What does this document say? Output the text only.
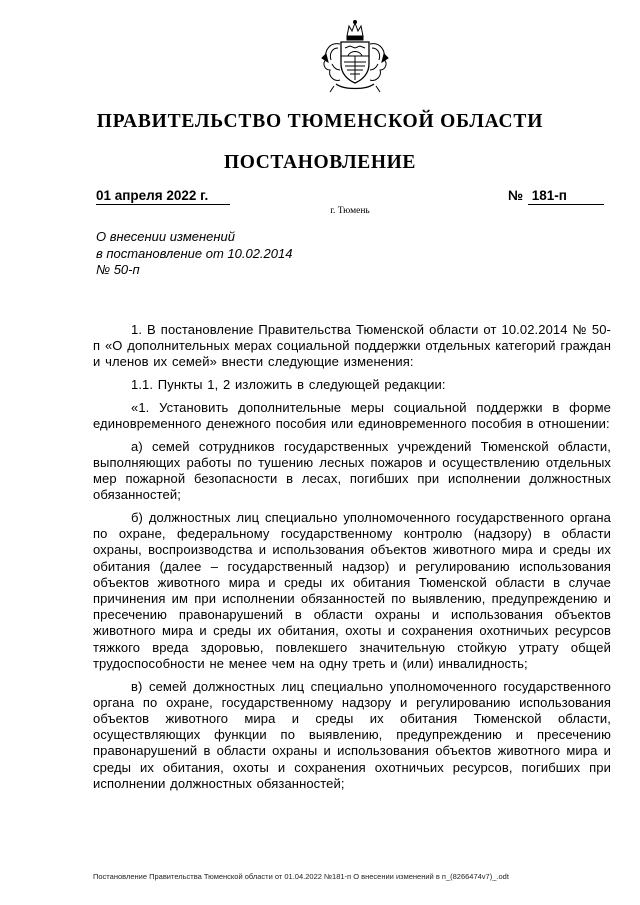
ПРАВИТЕЛЬСТВО ТЮМЕНСКОЙ ОБЛАСТИ
ПОСТАНОВЛЕНИЕ
01 апреля 2022 г.	№ 181-п
г. Тюмень
О внесении изменений
в постановление от 10.02.2014
№ 50-п

1. В постановление Правительства Тюменской области от 10.02.2014 № 50-п «О дополнительных мерах социальной поддержки отдельных категорий граждан и членов их семей» внести следующие изменения:

1.1. Пункты 1, 2 изложить в следующей редакции:

«1. Установить дополнительные меры социальной поддержки в форме единовременного денежного пособия или единовременного пособия в отношении:

а) семей сотрудников государственных учреждений Тюменской области, выполняющих работы по тушению лесных пожаров и осуществлению отдельных мер пожарной безопасности в лесах, погибших при исполнении должностных обязанностей;

б) должностных лиц специально уполномоченного государственного органа по охране, федеральному государственному контролю (надзору) в области охраны, воспроизводства и использования объектов животного мира и среды их обитания (далее – государственный надзор) и регулированию использования объектов животного мира и среды их обитания Тюменской области в случае причинения им при исполнении обязанностей по выявлению, предупреждению и пресечению правонарушений в области охраны и использования объектов животного мира и среды их обитания, охоты и сохранения охотничьих ресурсов тяжкого вреда здоровью, повлекшего значительную стойкую утрату общей трудоспособности не менее чем на одну треть и (или) инвалидность;

в) семей должностных лиц специально уполномоченного государственного органа по охране, государственному надзору и регулированию использования объектов животного мира и среды их обитания Тюменской области, осуществляющих функции по выявлению, предупреждению и пресечению правонарушений в области охраны и использования объектов животного мира и среды их обитания, охоты и сохранения охотничьих ресурсов, погибших при исполнении должностных обязанностей;

Постановление Правительства Тюменской области от 01.04.2022 №181-п О внесении изменений в п_(8266474v7)_.odt
